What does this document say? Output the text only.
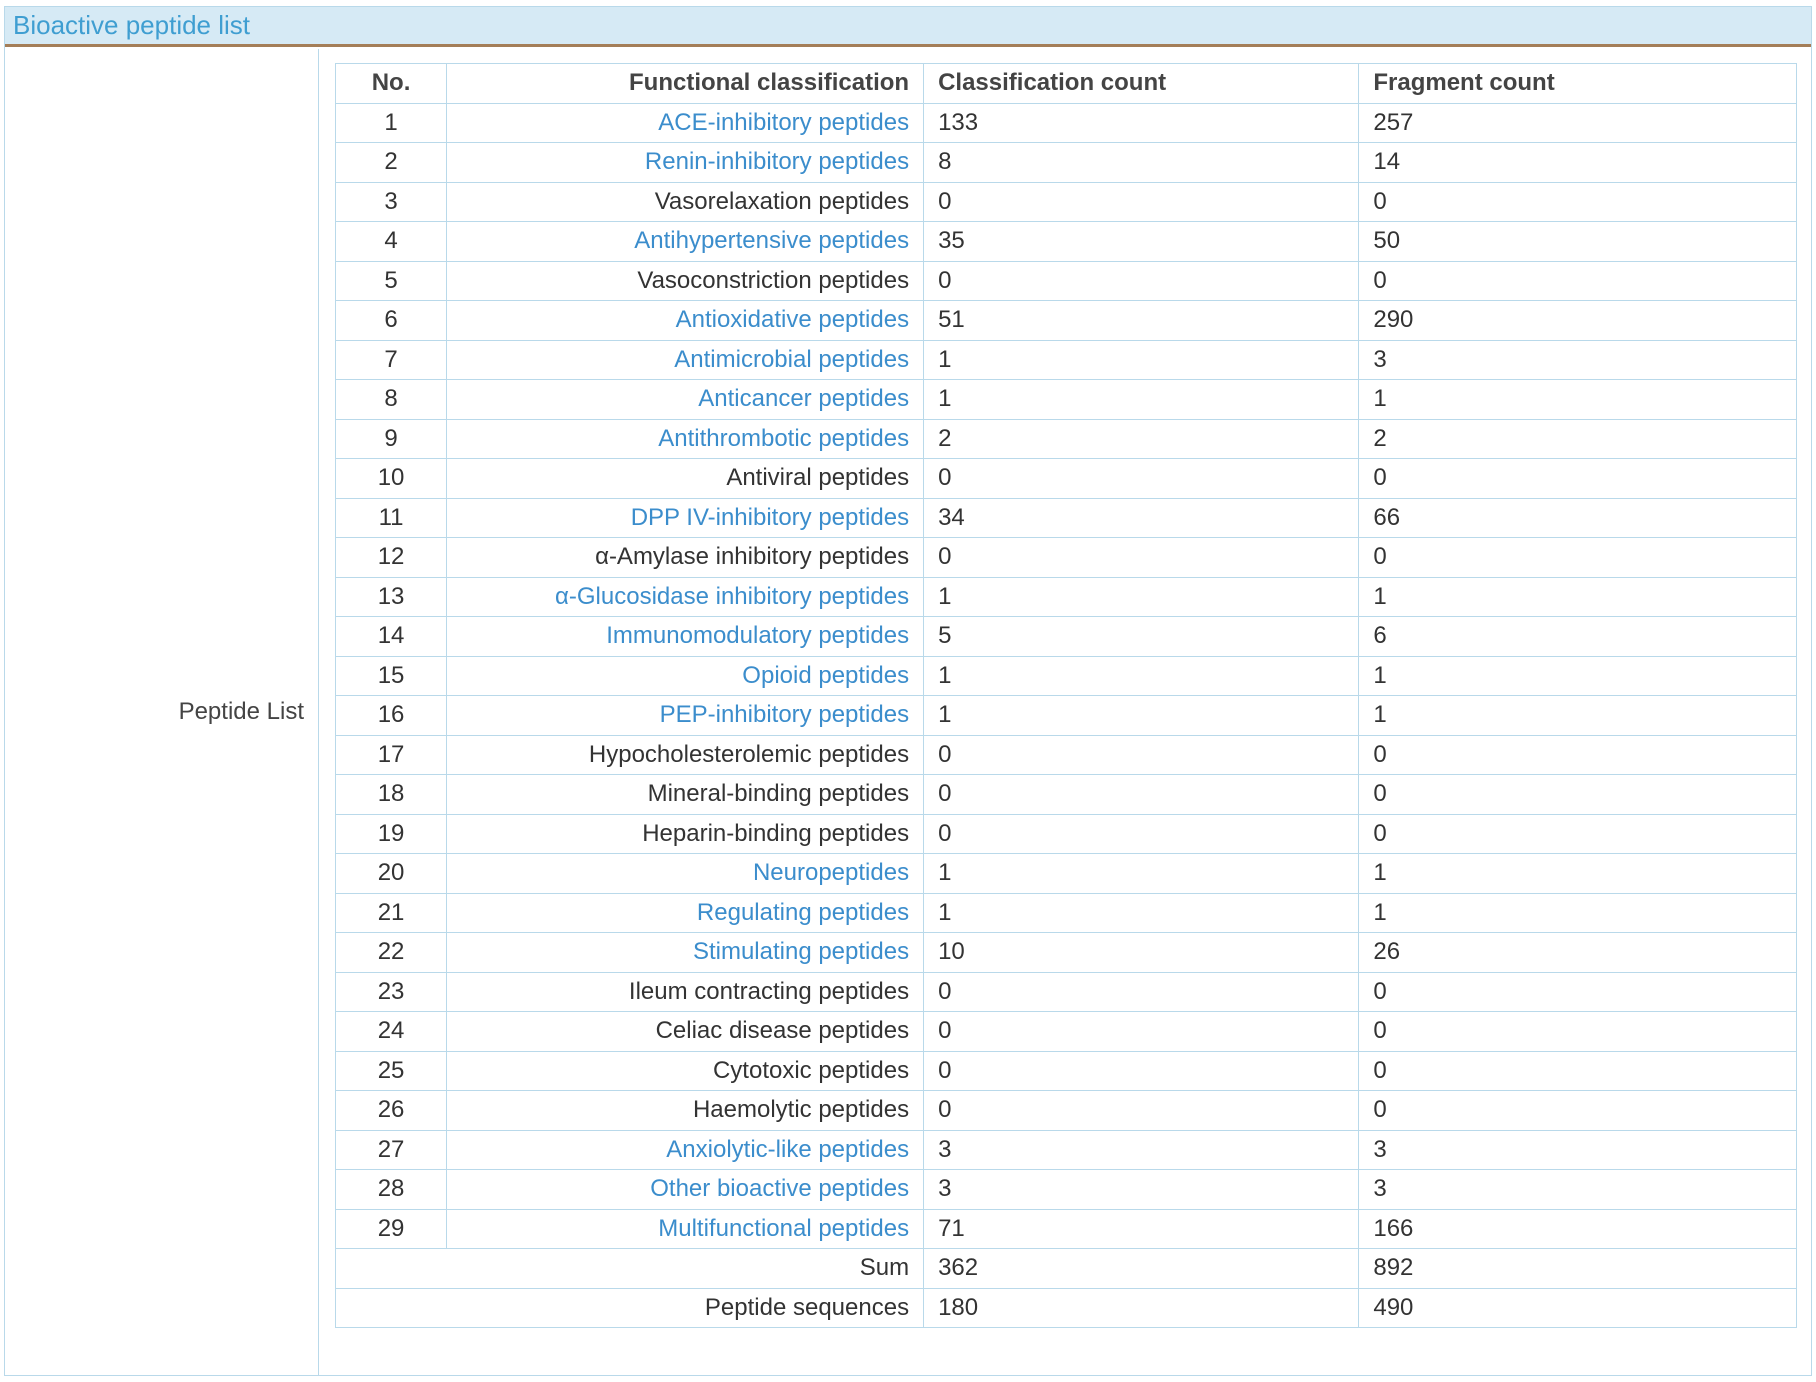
Bioactive peptide list
Peptide List
No.	Functional classification	Classification count	Fragment count
1	ACE-inhibitory peptides	133	257
2	Renin-inhibitory peptides	8	14
3	Vasorelaxation peptides	0	0
4	Antihypertensive peptides	35	50
5	Vasoconstriction peptides	0	0
6	Antioxidative peptides	51	290
7	Antimicrobial peptides	1	3
8	Anticancer peptides	1	1
9	Antithrombotic peptides	2	2
10	Antiviral peptides	0	0
11	DPP IV-inhibitory peptides	34	66
12	α-Amylase inhibitory peptides	0	0
13	α-Glucosidase inhibitory peptides	1	1
14	Immunomodulatory peptides	5	6
15	Opioid peptides	1	1
16	PEP-inhibitory peptides	1	1
17	Hypocholesterolemic peptides	0	0
18	Mineral-binding peptides	0	0
19	Heparin-binding peptides	0	0
20	Neuropeptides	1	1
21	Regulating peptides	1	1
22	Stimulating peptides	10	26
23	Ileum contracting peptides	0	0
24	Celiac disease peptides	0	0
25	Cytotoxic peptides	0	0
26	Haemolytic peptides	0	0
27	Anxiolytic-like peptides	3	3
28	Other bioactive peptides	3	3
29	Multifunctional peptides	71	166
Sum		362	892
Peptide sequences		180	490
